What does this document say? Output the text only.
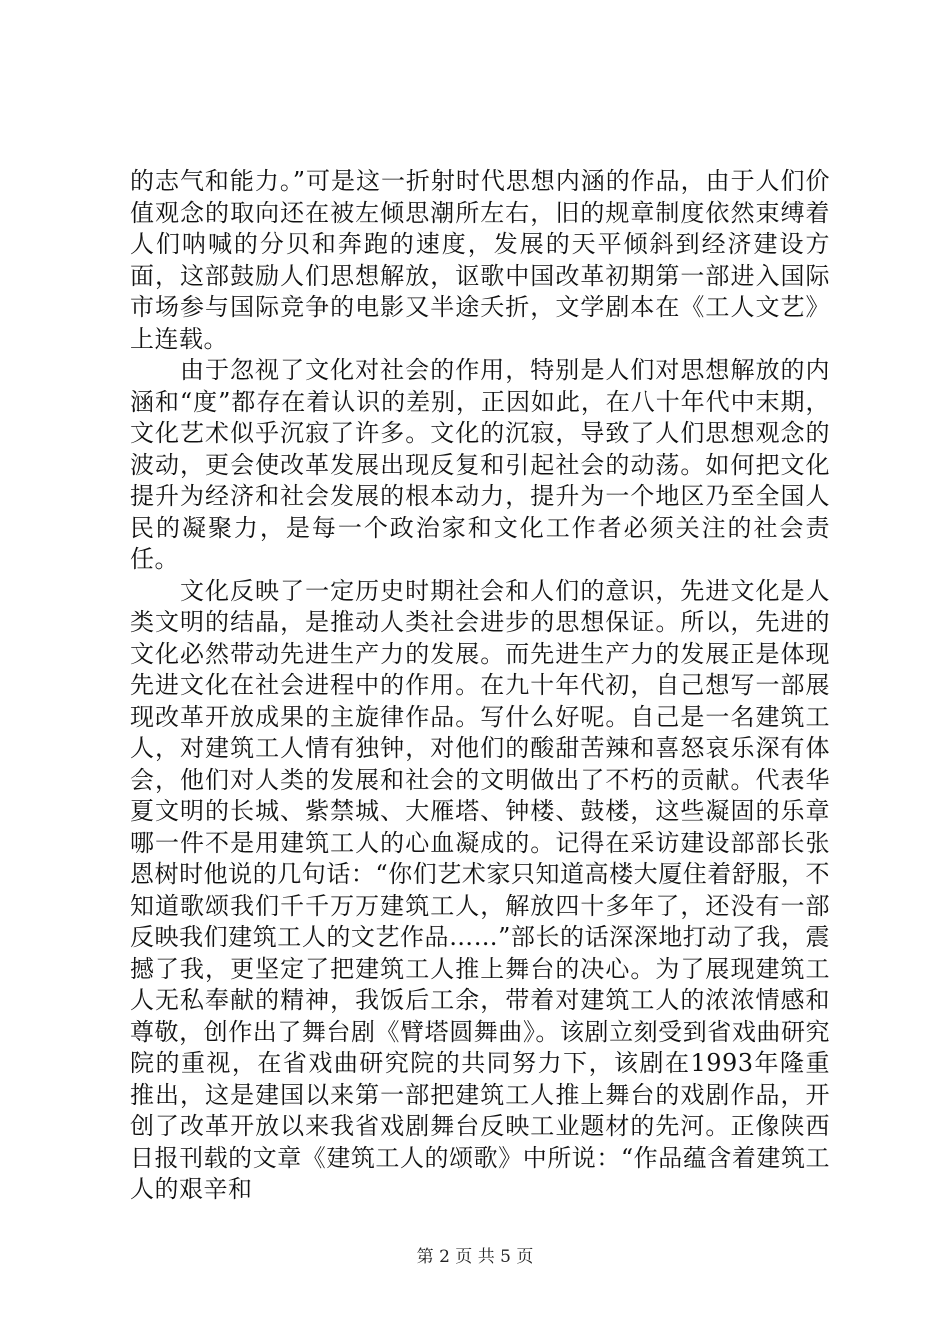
的志气和能力。”可是这一折射时代思想内涵的作品，由于人们价值观念的取向还在被左倾思潮所左右，旧的规章制度依然束缚着人们呐喊的分贝和奔跑的速度，发展的天平倾斜到经济建设方面，这部鼓励人们思想解放，讴歌中国改革初期第一部进入国际市场参与国际竞争的电影又半途夭折，文学剧本在《工人文艺》上连载。

由于忽视了文化对社会的作用，特别是人们对思想解放的内涵和“度”都存在着认识的差别，正因如此，在八十年代中末期，文化艺术似乎沉寂了许多。文化的沉寂，导致了人们思想观念的波动，更会使改革发展出现反复和引起社会的动荡。如何把文化提升为经济和社会发展的根本动力，提升为一个地区乃至全国人民的凝聚力，是每一个政治家和文化工作者必须关注的社会责任。

文化反映了一定历史时期社会和人们的意识，先进文化是人类文明的结晶，是推动人类社会进步的思想保证。所以，先进的文化必然带动先进生产力的发展。而先进生产力的发展正是体现先进文化在社会进程中的作用。在九十年代初，自己想写一部展现改革开放成果的主旋律作品。写什么好呢。自己是一名建筑工人，对建筑工人情有独钟，对他们的酸甜苦辣和喜怒哀乐深有体会，他们对人类的发展和社会的文明做出了不朽的贡献。代表华夏文明的长城、紫禁城、大雁塔、钟楼、鼓楼，这些凝固的乐章哪一件不是用建筑工人的心血凝成的。记得在采访建设部部长张恩树时他说的几句话：“你们艺术家只知道高楼大厦住着舒服，不知道歌颂我们千千万万建筑工人，解放四十多年了，还没有一部反映我们建筑工人的文艺作品……”部长的话深深地打动了我，震撼了我，更坚定了把建筑工人推上舞台的决心。为了展现建筑工人无私奉献的精神，我饭后工余，带着对建筑工人的浓浓情感和尊敬，创作出了舞台剧《臂塔圆舞曲》。该剧立刻受到省戏曲研究院的重视，在省戏曲研究院的共同努力下，该剧在1993年隆重推出，这是建国以来第一部把建筑工人推上舞台的戏剧作品，开创了改革开放以来我省戏剧舞台反映工业题材的先河。正像陕西日报刊载的文章《建筑工人的颂歌》中所说：“作品蕴含着建筑工人的艰辛和

第 2 页 共 5 页
